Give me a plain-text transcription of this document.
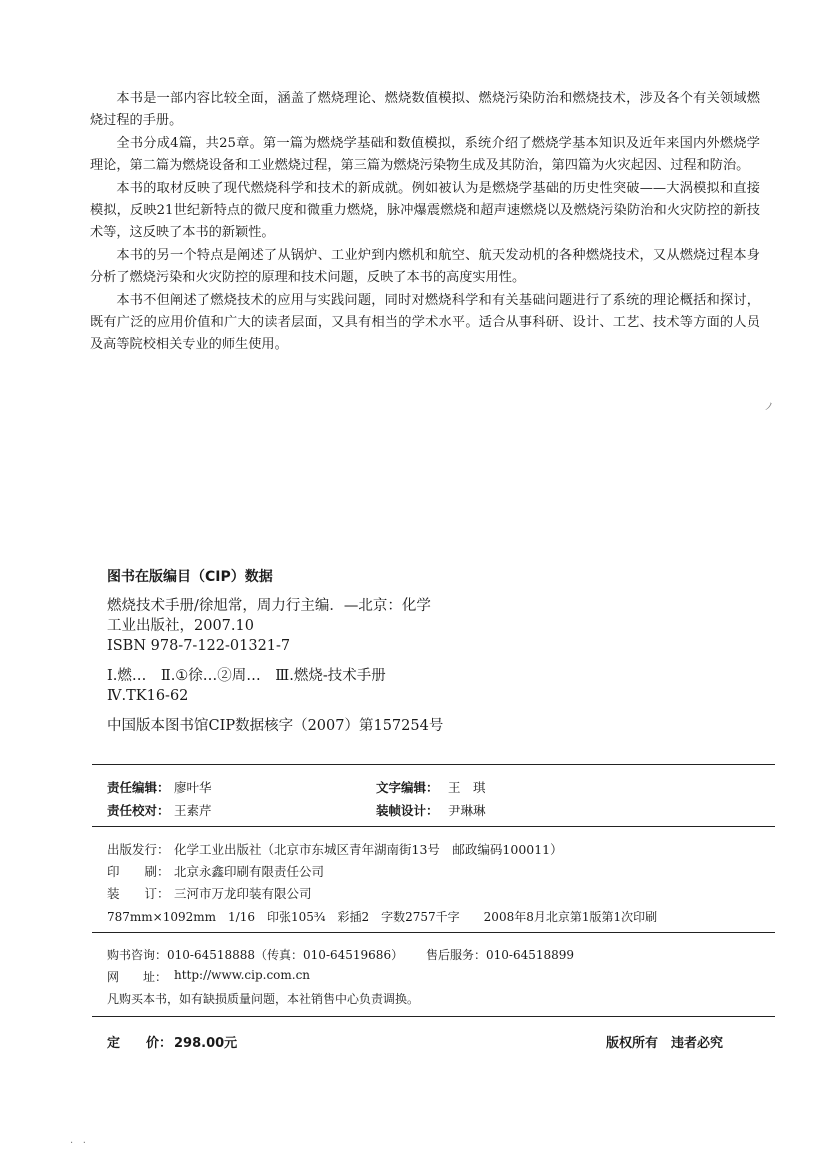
本书是一部内容比较全面，涵盖了燃烧理论、燃烧数值模拟、燃烧污染防治和燃烧技术，涉及各个有关领域燃烧过程的手册。

全书分成4篇，共25章。第一篇为燃烧学基础和数值模拟，系统介绍了燃烧学基本知识及近年来国内外燃烧学理论，第二篇为燃烧设备和工业燃烧过程，第三篇为燃烧污染物生成及其防治，第四篇为火灾起因、过程和防治。

本书的取材反映了现代燃烧科学和技术的新成就。例如被认为是燃烧学基础的历史性突破——大涡模拟和直接模拟，反映21世纪新特点的微尺度和微重力燃烧，脉冲爆震燃烧和超声速燃烧以及燃烧污染防治和火灾防控的新技术等，这反映了本书的新颖性。

本书的另一个特点是阐述了从锅炉、工业炉到内燃机和航空、航天发动机的各种燃烧技术，又从燃烧过程本身分析了燃烧污染和火灾防控的原理和技术问题，反映了本书的高度实用性。

本书不但阐述了燃烧技术的应用与实践问题，同时对燃烧科学和有关基础问题进行了系统的理论概括和探讨，既有广泛的应用价值和广大的读者层面，又具有相当的学术水平。适合从事科研、设计、工艺、技术等方面的人员及高等院校相关专业的师生使用。

ノ
图书在版编目（CIP）数据
燃烧技术手册/徐旭常，周力行主编．—北京：化学
工业出版社，2007.10
ISBN 978-7-122-01321-7
Ⅰ.燃…　Ⅱ.①徐…②周…　Ⅲ.燃烧-技术手册
Ⅳ.TK16-62
中国版本图书馆CIP数据核字（2007）第157254号
责任编辑： 廖叶华	文字编辑： 王　琪
责任校对： 王素芹	装帧设计： 尹琳琳
出版发行： 化学工业出版社（北京市东城区青年湖南街13号　邮政编码100011）
印　　刷： 北京永鑫印刷有限责任公司
装　　订： 三河市万龙印装有限公司
787mm×1092mm　1/16　印张105¾　彩插2　字数2757千字　　2008年8月北京第1版第1次印刷
购书咨询：010-64518888（传真：010-64519686） 售后服务：010-64518899
网　　址： http://www.cip.com.cn
凡购买本书，如有缺损质量问题，本社销售中心负责调换。
定　　价： 298.00元	版权所有　违者必究
·   ·
